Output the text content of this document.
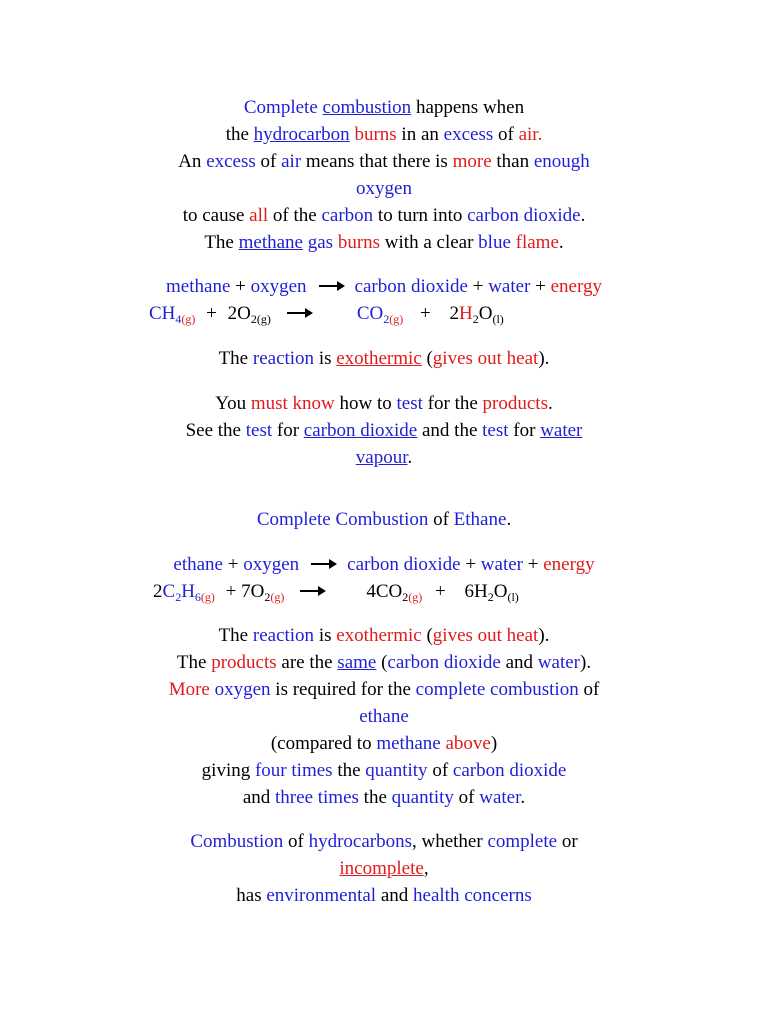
Complete combustion happens when
the hydrocarbon burns in an excess of air.
An excess of air means that there is more than enough
oxygen
to cause all of the carbon to turn into carbon dioxide.
The methane gas burns with a clear blue flame.
methane + oxygen	carbon dioxide + water + energy
$CH_{4(g)} + 2O_{2(g)}$	$CO_{2(g)} + 2H_2O_{(l)}$
The reaction is exothermic (gives out heat).
You must know how to test for the products.
See the test for carbon dioxide and the test for water
vapour.
Complete Combustion of Ethane.
ethane + oxygen	carbon dioxide + water + energy
$2C_2H_{6(g)} + 7O_{2(g)}$	$4CO_{2(g)} + 6H_2O_{(l)}$
The reaction is exothermic (gives out heat).
The products are the same (carbon dioxide and water).
More oxygen is required for the complete combustion of
ethane
(compared to methane above)
giving four times the quantity of carbon dioxide
and three times the quantity of water.
Combustion of hydrocarbons, whether complete or
incomplete,
has environmental and health concerns
